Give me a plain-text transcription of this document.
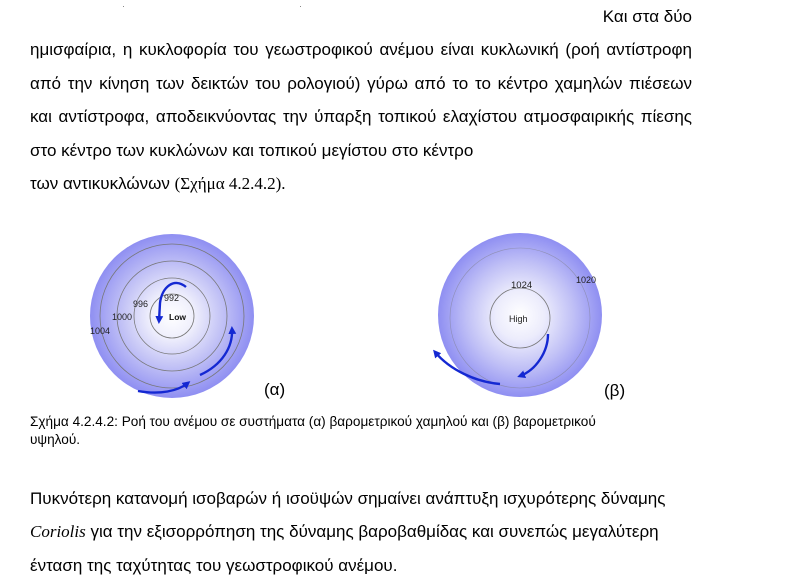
Και στα δύο
ημισφαίρια, η κυκλοφορία του γεωστροφικού ανέμου είναι κυκλωνική (ροή αντίστροφη από την κίνηση των δεικτών του ρολογιού) γύρω από το το κέντρο χαμηλών πιέσεων και αντίστροφα, αποδεικνύοντας την ύπαρξη τοπικού ελαχίστου ατμοσφαιρικής πίεσης στο κέντρο των κυκλώνων και τοπικού μεγίστου στο κέντρο
των αντικυκλώνων (Σχήμα 4.2.4.2).
992
996
1000
1004
Low
(α)
1024	1020
High
(β)
Σχήμα 4.2.4.2: Ροή του ανέμου σε συστήματα (α) βαρομετρικού χαμηλού και (β) βαρομετρικού
υψηλού.
Πυκνότερη κατανομή ισοβαρών ή ισοϋψών σημαίνει ανάπτυξη ισχυρότερης δύναμης
Coriolis για την εξισορρόπηση της δύναμης βαροβαθμίδας και συνεπώς μεγαλύτερη
ένταση της ταχύτητας του γεωστροφικού ανέμου.
